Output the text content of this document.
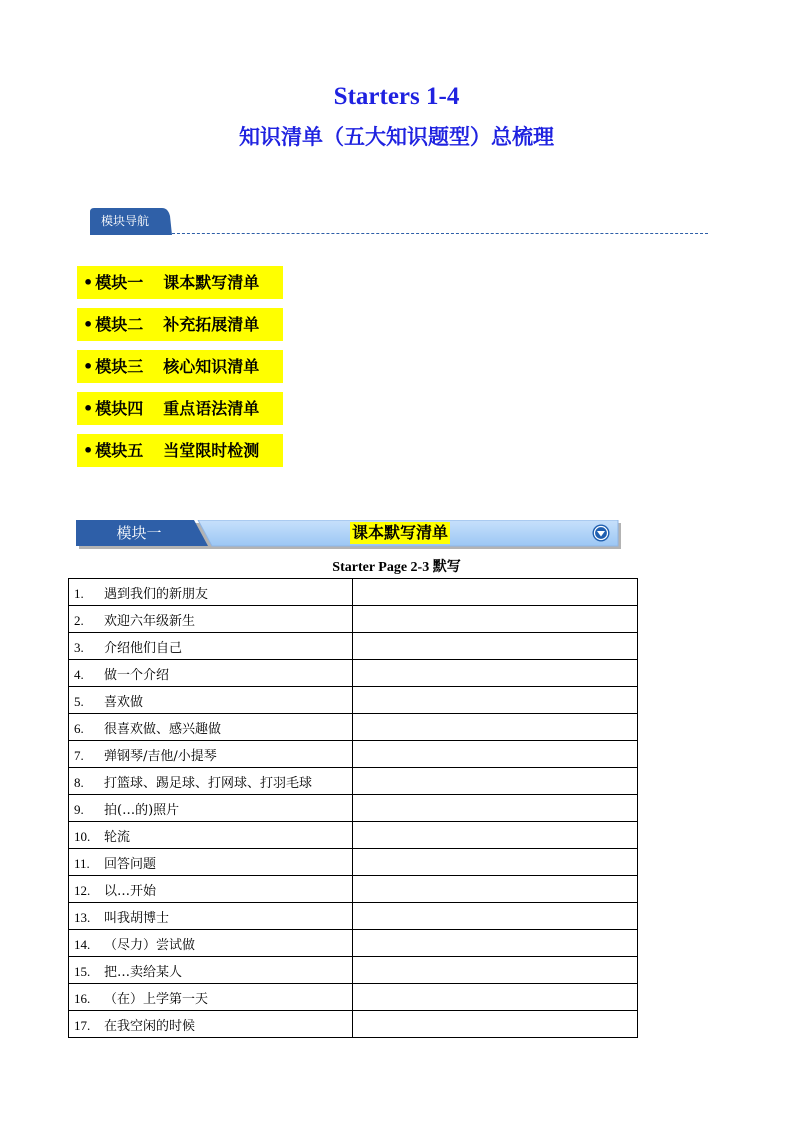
Starters 1-4
知识清单（五大知识题型）总梳理
模块导航
• 模块一 课本默写清单
• 模块二 补充拓展清单
• 模块三 核心知识清单
• 模块四 重点语法清单
• 模块五 当堂限时检测
模块一	课本默写清单
Starter Page 2-3 默写
1. 遇到我们的新朋友	
2. 欢迎六年级新生	
3. 介绍他们自己	
4. 做一个介绍	
5. 喜欢做	
6. 很喜欢做、感兴趣做	
7. 弹钢琴/吉他/小提琴	
8. 打篮球、踢足球、打网球、打羽毛球	
9. 拍(…的)照片	
10. 轮流	
11. 回答问题	
12. 以…开始	
13. 叫我胡博士	
14. （尽力）尝试做	
15. 把…卖给某人	
16. （在）上学第一天	
17. 在我空闲的时候	
